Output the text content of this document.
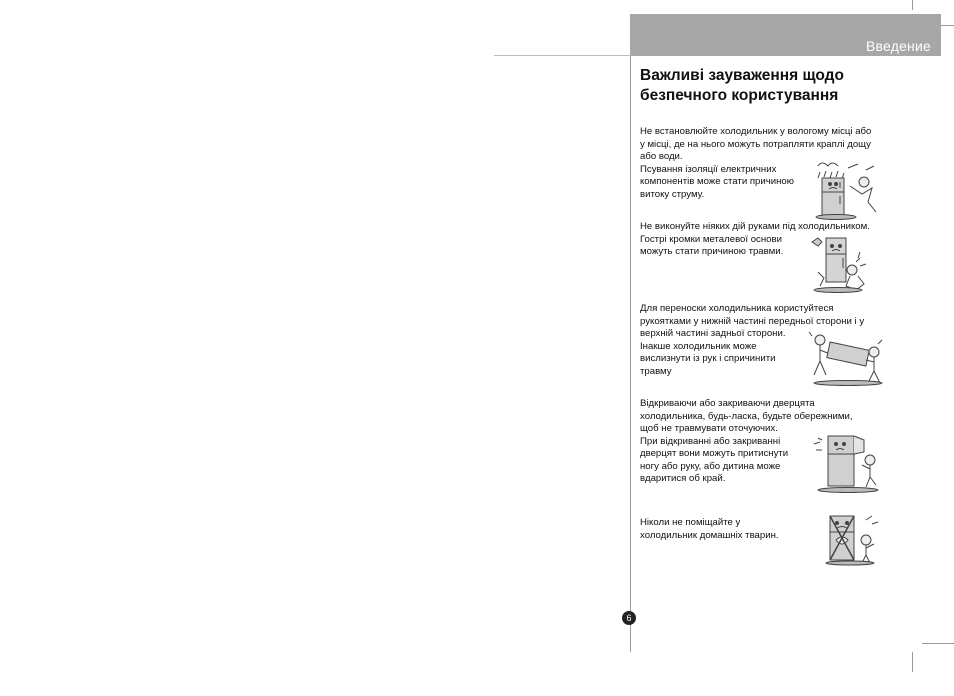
Введение
Важливі зауваження щодо
безпечного користування

Не встановлюйте холодильник у вологому місці або

у місці, де на нього можуть потрапляти краплі дощу

або води.

Псування ізоляції електричних

компонентів може стати причиною

витоку струму.

Не виконуйте ніяких дій руками під холодильником.

Гострі кромки металевої основи

можуть стати причиною травми.

Для переноски холодильника користуйтеся

рукоятками у нижній частині передньої сторони і у

верхній частині задньої сторони.

Інакше холодильник може

вислизнути із рук і спричинити

травму

Відкриваючи або закриваючи дверцята

холодильника, будь-ласка, будьте обережними,

щоб не травмувати оточуючих.

При відкриванні або закриванні

дверцят вони можуть притиснути

ногу або руку, або дитина може

вдаритися об край.

Ніколи не поміщайте у

холодильник домашніх тварин.

6
